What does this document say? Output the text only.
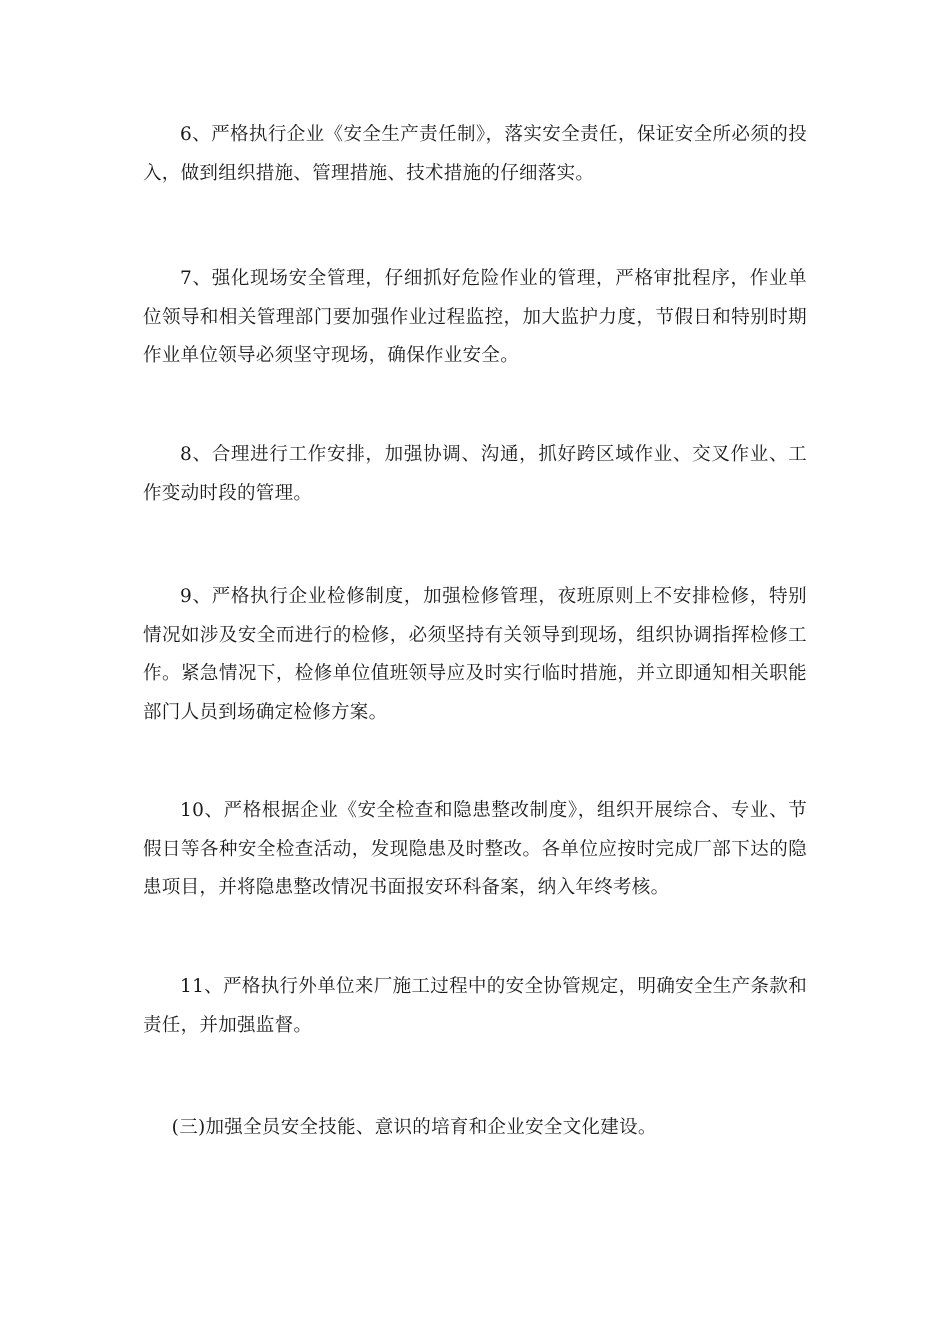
6、严格执行企业《安全生产责任制》，落实安全责任，保证安全所必须的投入，做到组织措施、管理措施、技术措施的仔细落实。

7、强化现场安全管理，仔细抓好危险作业的管理，严格审批程序，作业单位领导和相关管理部门要加强作业过程监控，加大监护力度，节假日和特别时期作业单位领导必须坚守现场，确保作业安全。

8、合理进行工作安排，加强协调、沟通，抓好跨区域作业、交叉作业、工作变动时段的管理。

9、严格执行企业检修制度，加强检修管理，夜班原则上不安排检修，特别情况如涉及安全而进行的检修，必须坚持有关领导到现场，组织协调指挥检修工作。紧急情况下，检修单位值班领导应及时实行临时措施，并立即通知相关职能部门人员到场确定检修方案。

10、严格根据企业《安全检查和隐患整改制度》，组织开展综合、专业、节假日等各种安全检查活动，发现隐患及时整改。各单位应按时完成厂部下达的隐患项目，并将隐患整改情况书面报安环科备案，纳入年终考核。

11、严格执行外单位来厂施工过程中的安全协管规定，明确安全生产条款和责任，并加强监督。

(三)加强全员安全技能、意识的培育和企业安全文化建设。
